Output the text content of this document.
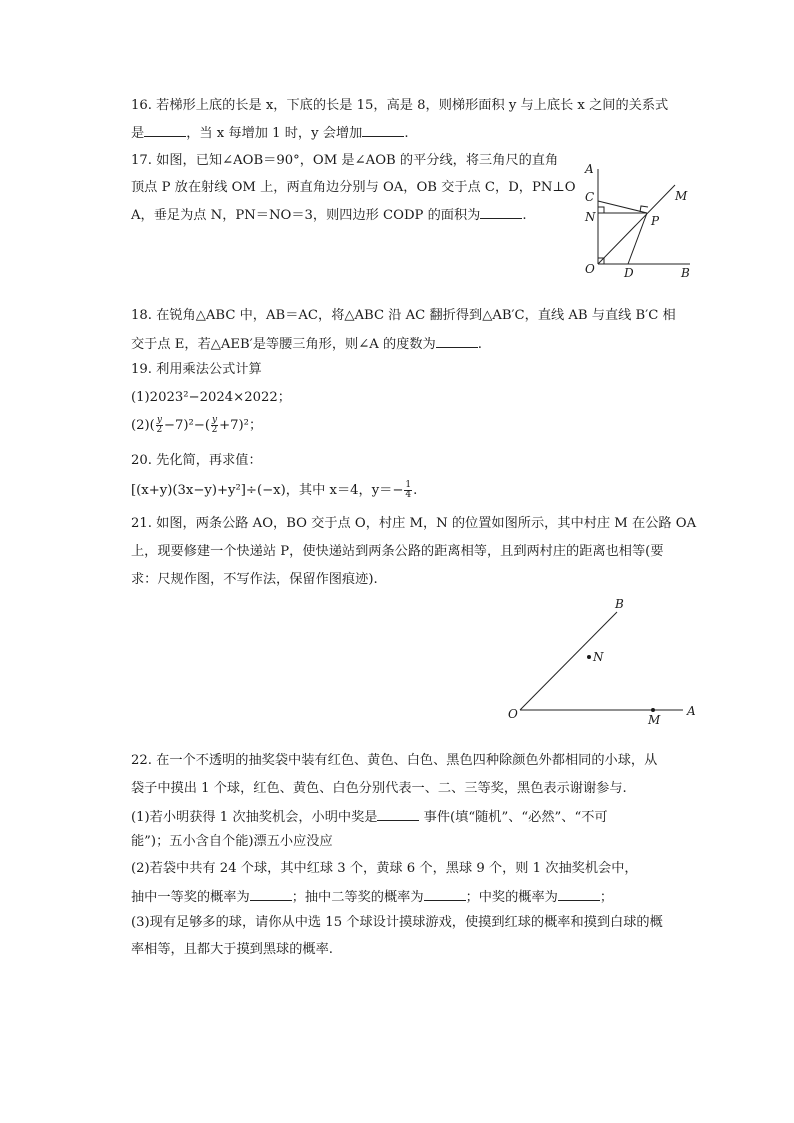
16. 若梯形上底的长是 x，下底的长是 15，高是 8，则梯形面积 y 与上底长 x 之间的关系式
是	，当 x 每增加 1 时，y 会增加	.
17. 如图，已知∠AOB＝90°，OM 是∠AOB 的平分线，将三角尺的直角
顶点 P 放在射线 OM 上，两直角边分别与 OA，OB 交于点 C，D，PN⊥O
A，垂足为点 N，PN＝NO＝3，则四边形 CODP 的面积为	.
A
C
N
M
P
O D	B
18. 在锐角△ABC 中，AB＝AC，将△ABC 沿 AC 翻折得到△AB′C，直线 AB 与直线 B′C 相
交于点 E，若△AEB′是等腰三角形，则∠A 的度数为	.
19. 利用乘法公式计算
(1)2023²−2024×2022；
$(2)( \frac{y}{2} -7)^2-( \frac{y}{2} +7)^2$；
20. 先化简，再求值：
[(x+y)(3x−y)+y²]÷(−x)，其中 x＝4，$y=- \frac{1}{4}$ .
21. 如图，两条公路 AO，BO 交于点 O，村庄 M，N 的位置如图所示，其中村庄 M 在公路 OA
上，现要修建一个快递站 P，使快递站到两条公路的距离相等，且到两村庄的距离也相等(要
求：尺规作图，不写作法，保留作图痕迹).
B
N
O	M
A
22. 在一个不透明的抽奖袋中装有红色、黄色、白色、黑色四种除颜色外都相同的小球，从
袋子中摸出 1 个球，红色、黄色、白色分别代表一、二、三等奖，黑色表示谢谢参与.
(1)若小明获得 1 次抽奖机会，小明中奖是	事件(填“随机”、“必然”、“不可
能”)；五小含自个能)漂五小应没应
(2)若袋中共有 24 个球，其中红球 3 个，黄球 6 个，黑球 9 个，则 1 次抽奖机会中，
抽中一等奖的概率为	；抽中二等奖的概率为	；中奖的概率为	；
(3)现有足够多的球，请你从中选 15 个球设计摸球游戏，使摸到红球的概率和摸到白球的概
率相等，且都大于摸到黑球的概率.
